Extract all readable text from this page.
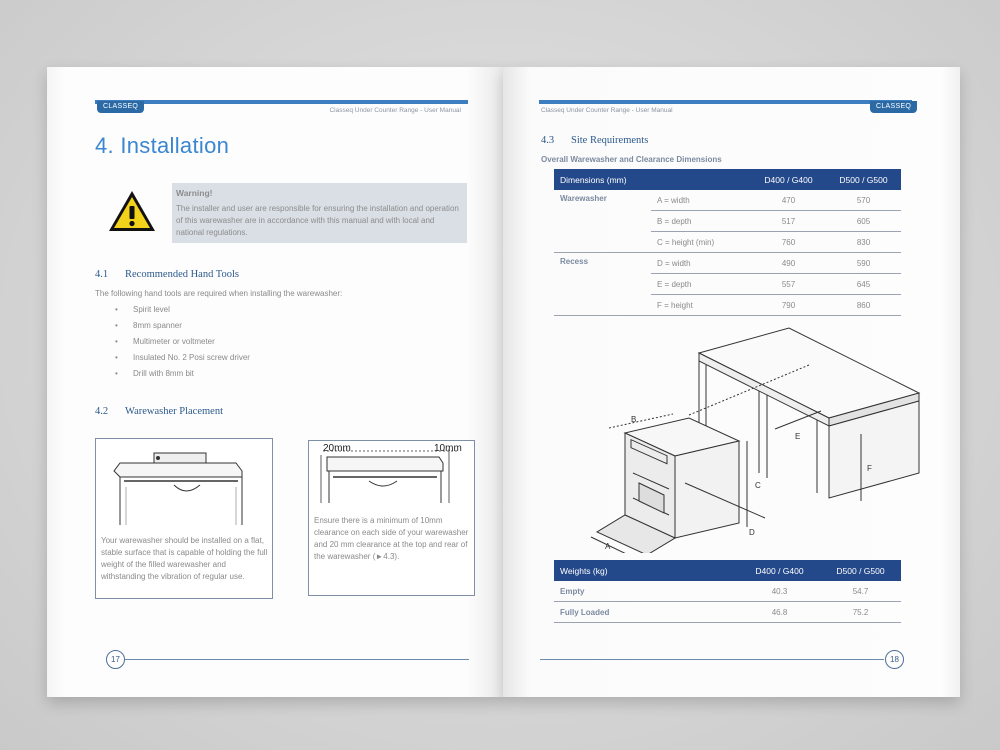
CLASSEQ
Classeq Under Counter Range - User Manual
4. Installation
Warning!
The installer and user are responsible for ensuring the installation and operation of this warewasher are in accordance with this manual and with local and national regulations.
4.1 Recommended Hand Tools
The following hand tools are required when installing the warewasher:
• Spirit level
• 8mm spanner
• Multimeter or voltmeter
• Insulated No. 2 Posi screw driver
• Drill with 8mm bit
4.2 Warewasher Placement
Your warewasher should be installed on a flat, stable surface that is capable of holding the full weight of the filled warewasher and withstanding the vibration of regular use.
20mm	10mm
Ensure there is a minimum of 10mm clearance on each side of your warewasher and 20 mm clearance at the top and rear of the warewasher (►4.3).
17
CLASSEQ
Classeq Under Counter Range - User Manual
4.3 Site Requirements
Overall Warewasher and Clearance Dimensions
Dimensions (mm)		D400 / G400	D500 / G500
Warewasher	A = width	470	570
	B = depth	517	605
	C = height (min)	760	830
Recess	D = width	490	590
	E = depth	557	645
	F = height	790	860
B
C
D
E
F
A
Weights (kg)	D400 / G400	D500 / G500
Empty	40.3	54.7
Fully Loaded	46.8	75.2
18
